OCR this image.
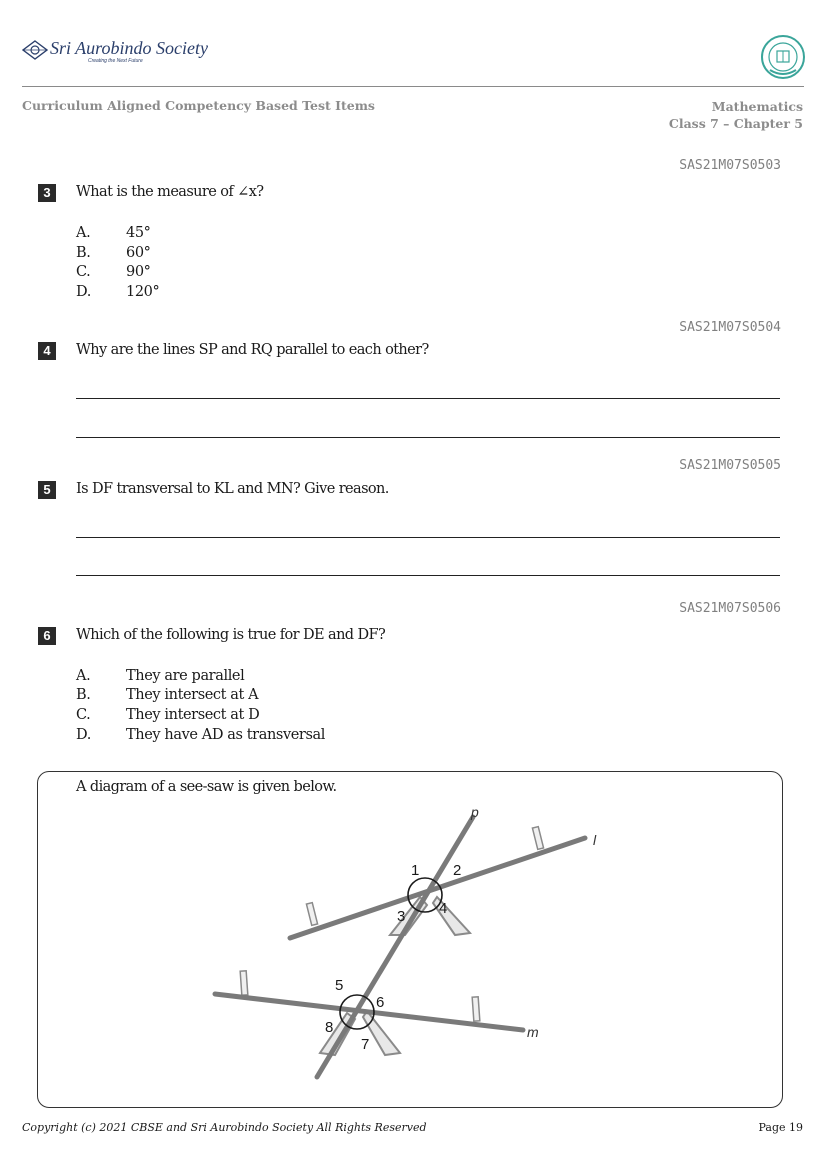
Sri Aurobindo Society
Creating the Next Future
Curriculum Aligned Competency Based Test Items	Mathematics
Class 7 – Chapter 5
SAS21M07S0503
3	What is the measure of ∠x?
A. 45°
B. 60°
C. 90°
D. 120°
SAS21M07S0504
4	Why are the lines SP and RQ parallel to each other?
SAS21M07S0505
5	Is DF transversal to KL and MN? Give reason.
SAS21M07S0506
6	Which of the following is true for DE and DF?
A. They are parallel
B. They intersect at A
C. They intersect at D
D. They have AD as transversal
A diagram of a see-saw is given below.
p
l
m
1 2
3 4
5
6
7
8
Copyright (c) 2021 CBSE and Sri Aurobindo Society All Rights Reserved	Page 19
